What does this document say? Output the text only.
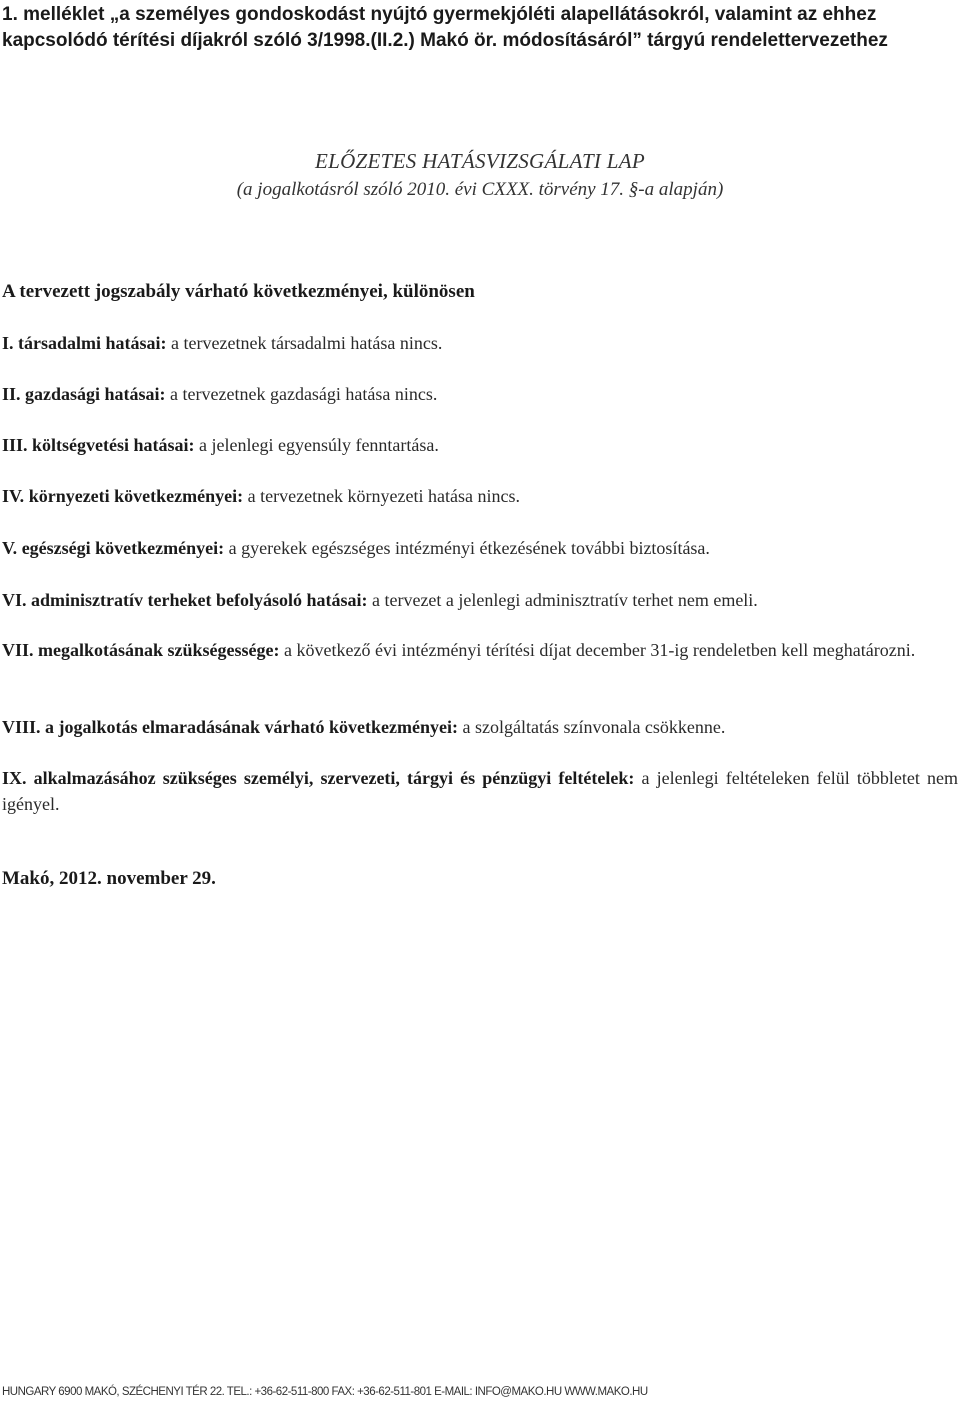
1. melléklet „a személyes gondoskodást nyújtó gyermekjóléti alapellátásokról, valamint az ehhez kapcsolódó térítési díjakról szóló 3/1998.(II.2.) Makó ör. módosításáról” tárgyú rendelettervezethez

ELŐZETES HATÁSVIZSGÁLATI LAP
(a jogalkotásról szóló 2010. évi CXXX. törvény 17. §-a alapján)

A tervezett jogszabály várható következményei, különösen

I. társadalmi hatásai: a tervezetnek társadalmi hatása nincs.

II. gazdasági hatásai: a tervezetnek gazdasági hatása nincs.

III. költségvetési hatásai: a jelenlegi egyensúly fenntartása.

IV. környezeti következményei: a tervezetnek környezeti hatása nincs.

V. egészségi következményei: a gyerekek egészséges intézményi étkezésének további biztosítása.

VI. adminisztratív terheket befolyásoló hatásai: a tervezet a jelenlegi adminisztratív terhet nem emeli.

VII. megalkotásának szükségessége: a következő évi intézményi térítési díjat december 31-ig rendeletben kell meghatározni.

VIII. a jogalkotás elmaradásának várható következményei: a szolgáltatás színvonala csökkenne.

IX. alkalmazásához szükséges személyi, szervezeti, tárgyi és pénzügyi feltételek: a jelenlegi feltételeken felül többletet nem igényel.

Makó, 2012. november 29.

HUNGARY 6900 MAKÓ, SZÉCHENYI TÉR 22. TEL.: +36-62-511-800 FAX: +36-62-511-801 E-MAIL: INFO@MAKO.HU WWW.MAKO.HU
